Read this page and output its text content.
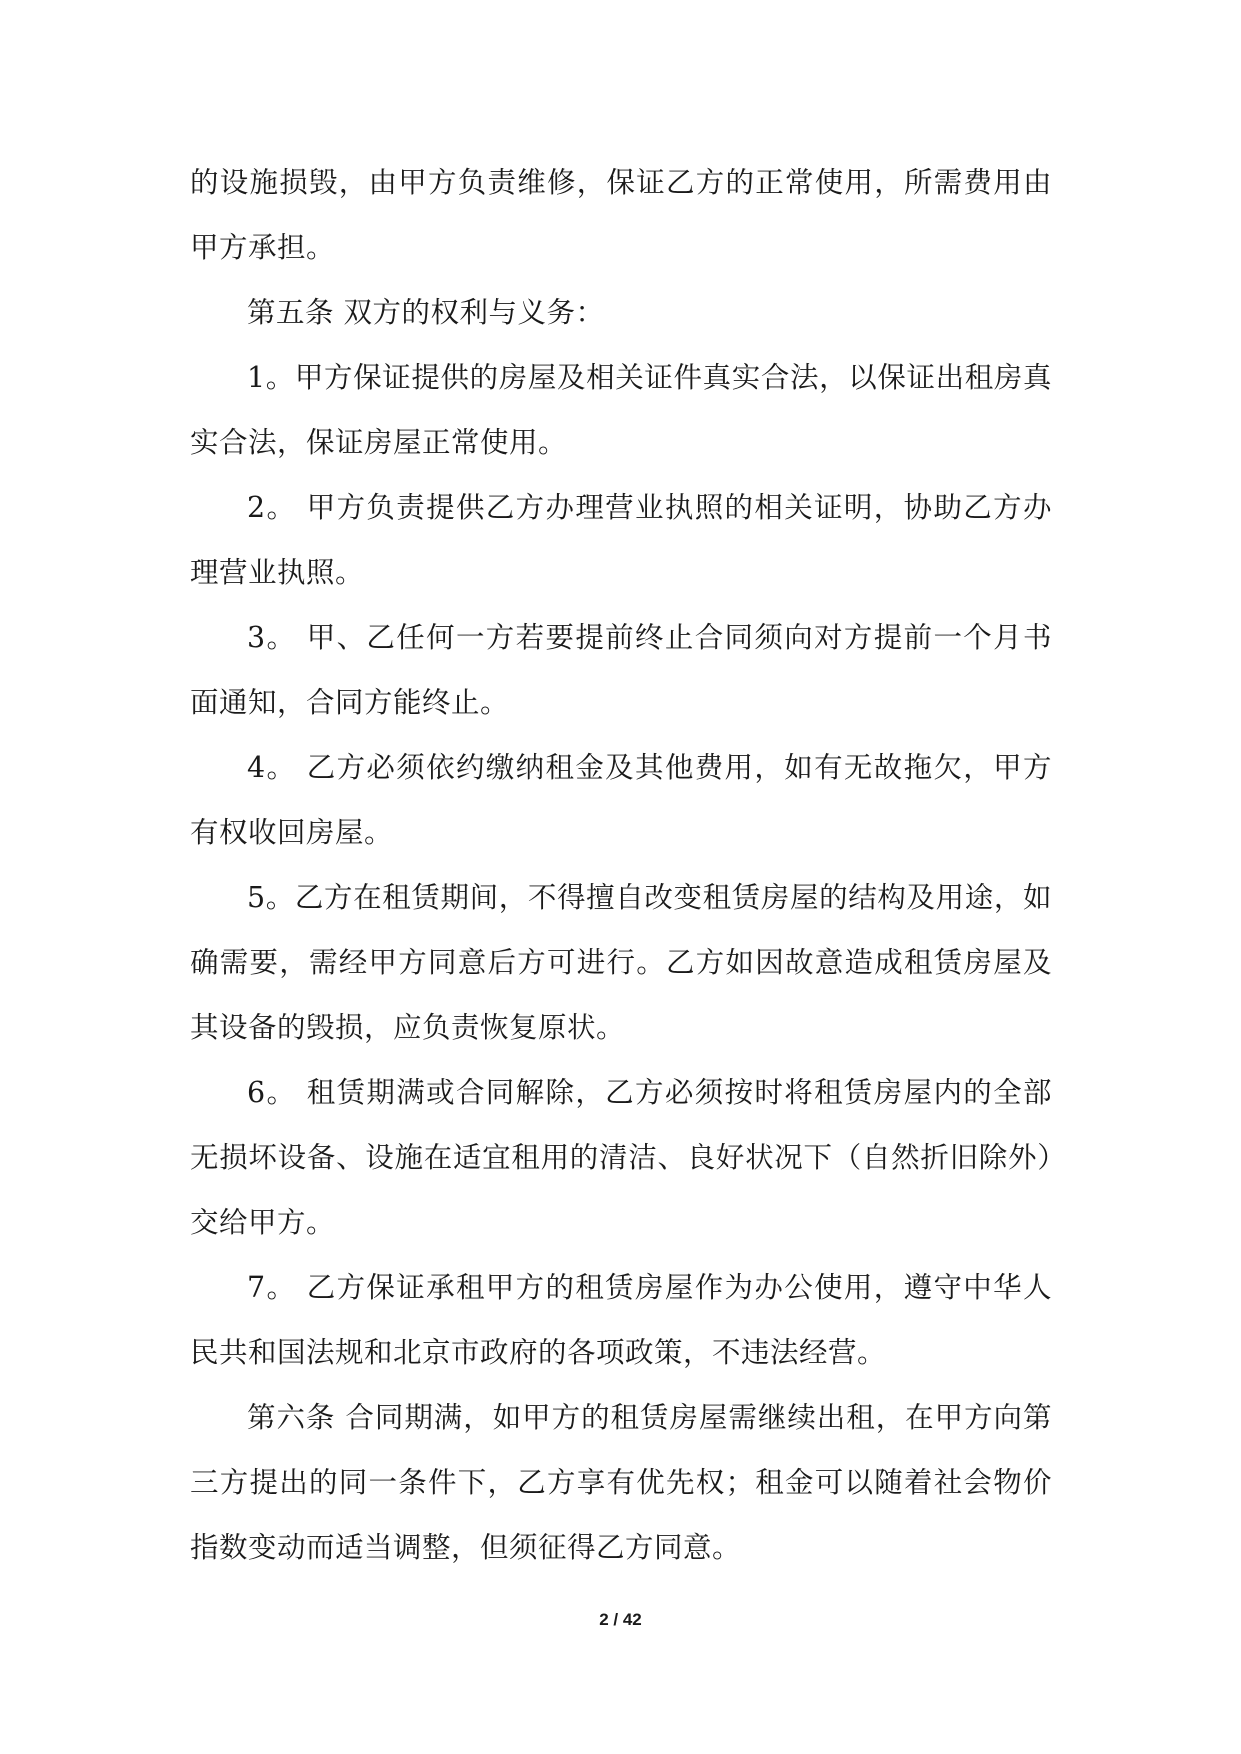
的设施损毁，由甲方负责维修，保证乙方的正常使用，所需费用由甲方承担。

第五条 双方的权利与义务：

1。甲方保证提供的房屋及相关证件真实合法，以保证出租房真实合法，保证房屋正常使用。

2。 甲方负责提供乙方办理营业执照的相关证明，协助乙方办理营业执照。

3。 甲、乙任何一方若要提前终止合同须向对方提前一个月书面通知，合同方能终止。

4。 乙方必须依约缴纳租金及其他费用，如有无故拖欠，甲方有权收回房屋。

5。乙方在租赁期间，不得擅自改变租赁房屋的结构及用途，如确需要，需经甲方同意后方可进行。乙方如因故意造成租赁房屋及其设备的毁损，应负责恢复原状。

6。 租赁期满或合同解除，乙方必须按时将租赁房屋内的全部无损坏设备、设施在适宜租用的清洁、良好状况下（自然折旧除外）交给甲方。

7。 乙方保证承租甲方的租赁房屋作为办公使用，遵守中华人民共和国法规和北京市政府的各项政策，不违法经营。

第六条 合同期满，如甲方的租赁房屋需继续出租，在甲方向第三方提出的同一条件下，乙方享有优先权；租金可以随着社会物价指数变动而适当调整，但须征得乙方同意。

2 / 42
